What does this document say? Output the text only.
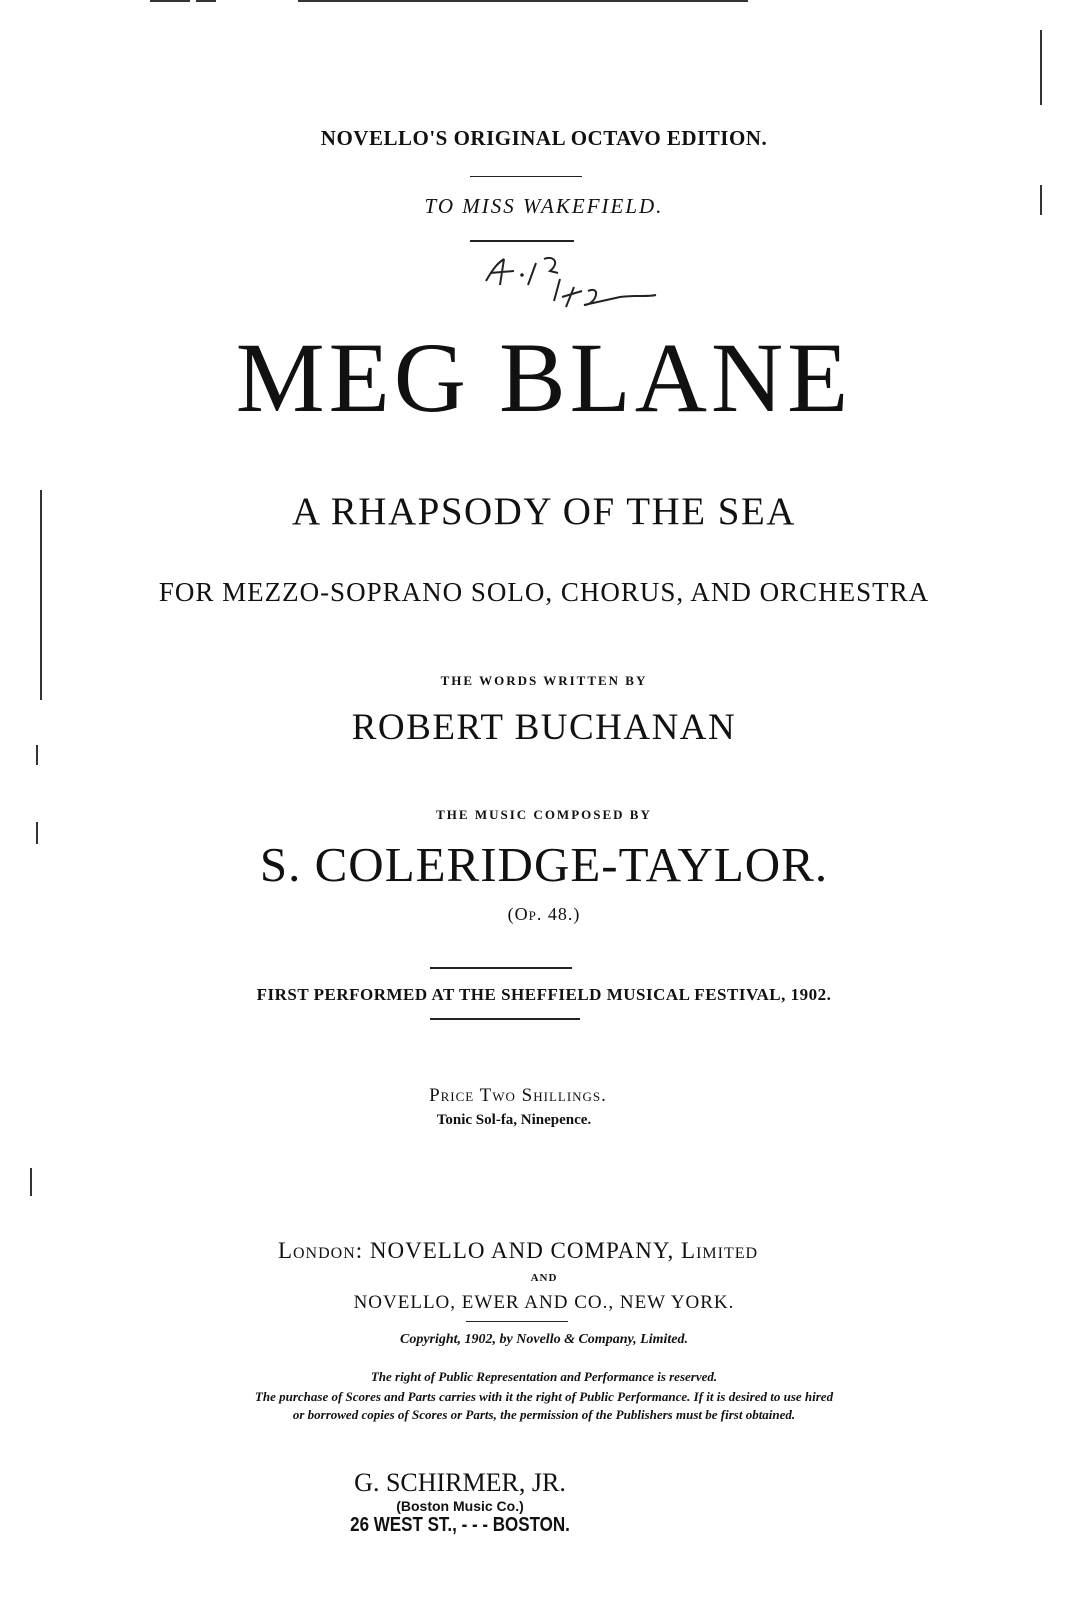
NOVELLO'S ORIGINAL OCTAVO EDITION.
TO MISS WAKEFIELD.
MEG BLANE
A RHAPSODY OF THE SEA
FOR MEZZO-SOPRANO SOLO, CHORUS, AND ORCHESTRA
THE WORDS WRITTEN BY
ROBERT BUCHANAN
THE MUSIC COMPOSED BY
S. COLERIDGE-TAYLOR.
(Op. 48.)
FIRST PERFORMED AT THE SHEFFIELD MUSICAL FESTIVAL, 1902.
Price Two Shillings.
Tonic Sol-fa, Ninepence.
London: NOVELLO AND COMPANY, Limited
AND
NOVELLO, EWER AND CO., NEW YORK.
Copyright, 1902, by Novello & Company, Limited.
The right of Public Representation and Performance is reserved.
The purchase of Scores and Parts carries with it the right of Public Performance. If it is desired to use hired
or borrowed copies of Scores or Parts, the permission of the Publishers must be first obtained.
G. SCHIRMER, JR.
(Boston Music Co.)
26 WEST ST., - - - BOSTON.
